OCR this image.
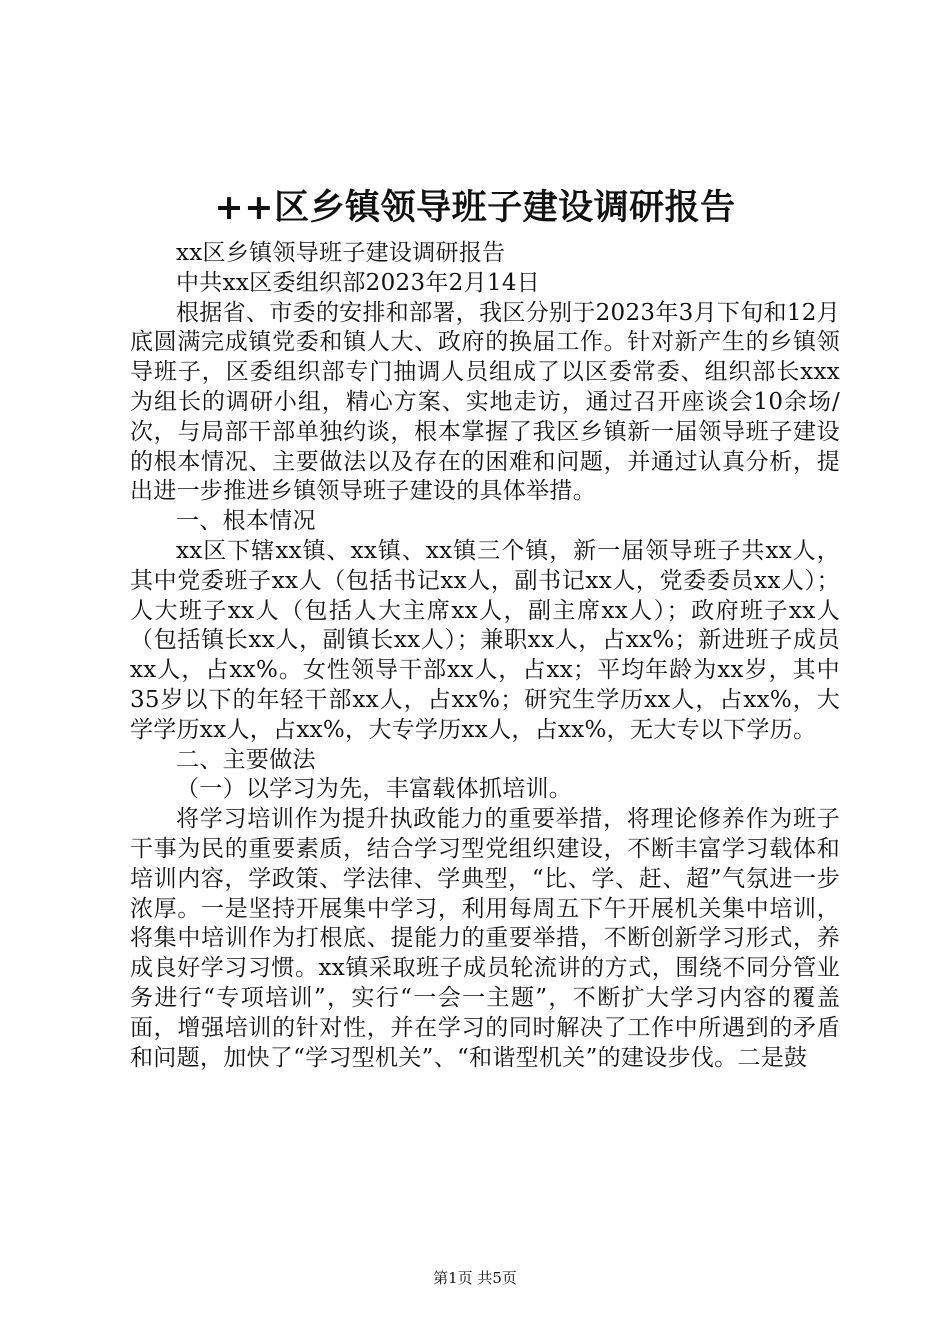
++区乡镇领导班子建设调研报告

xx区乡镇领导班子建设调研报告

中共xx区委组织部2023年2月14日

根据省、市委的安排和部署，我区分别于2023年3月下旬和12月底圆满完成镇党委和镇人大、政府的换届工作。针对新产生的乡镇领导班子，区委组织部专门抽调人员组成了以区委常委、组织部长xxx为组长的调研小组，精心方案、实地走访，通过召开座谈会10余场/次，与局部干部单独约谈，根本掌握了我区乡镇新一届领导班子建设的根本情况、主要做法以及存在的困难和问题，并通过认真分析，提出进一步推进乡镇领导班子建设的具体举措。

一、根本情况

xx区下辖xx镇、xx镇、xx镇三个镇，新一届领导班子共xx人，其中党委班子xx人（包括书记xx人，副书记xx人，党委委员xx人）；人大班子xx人（包括人大主席xx人，副主席xx人）；政府班子xx人（包括镇长xx人，副镇长xx人）；兼职xx人，占xx%；新进班子成员xx人，占xx%。女性领导干部xx人，占xx；平均年龄为xx岁，其中35岁以下的年轻干部xx人，占xx%；研究生学历xx人，占xx%，大学学历xx人，占xx%，大专学历xx人，占xx%，无大专以下学历。

二、主要做法

（一）以学习为先，丰富载体抓培训。

将学习培训作为提升执政能力的重要举措，将理论修养作为班子干事为民的重要素质，结合学习型党组织建设，不断丰富学习载体和培训内容，学政策、学法律、学典型，“比、学、赶、超”气氛进一步浓厚。一是坚持开展集中学习，利用每周五下午开展机关集中培训，将集中培训作为打根底、提能力的重要举措，不断创新学习形式，养成良好学习习惯。xx镇采取班子成员轮流讲的方式，围绕不同分管业务进行“专项培训”，实行“一会一主题”，不断扩大学习内容的覆盖面，增强培训的针对性，并在学习的同时解决了工作中所遇到的矛盾和问题，加快了“学习型机关”、“和谐型机关”的建设步伐。二是鼓

第1页 共5页
